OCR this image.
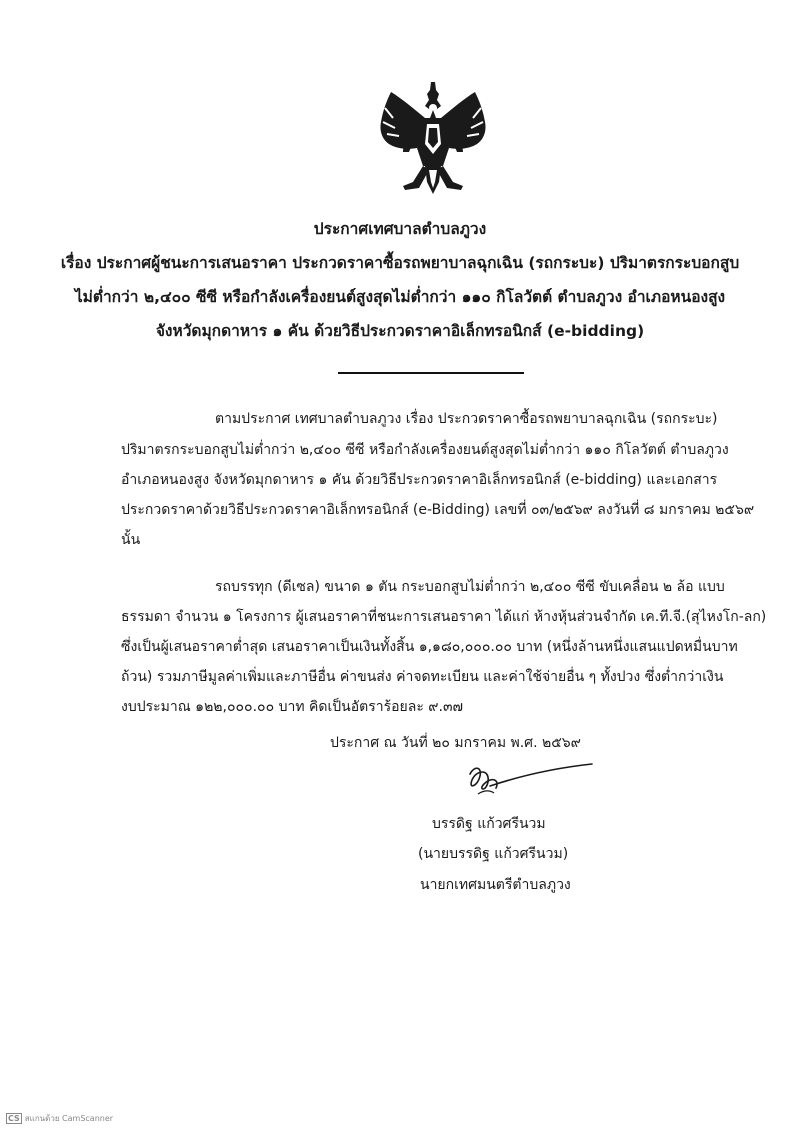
ประกาศเทศบาลตำบลภูวง
เรื่อง ประกาศผู้ชนะการเสนอราคา ประกวดราคาซื้อรถพยาบาลฉุกเฉิน (รถกระบะ) ปริมาตรกระบอกสูบ
ไม่ต่ำกว่า ๒,๔๐๐ ซีซี หรือกำลังเครื่องยนต์สูงสุดไม่ต่ำกว่า ๑๑๐ กิโลวัตต์ ตำบลภูวง อำเภอหนองสูง
จังหวัดมุกดาหาร ๑ คัน ด้วยวิธีประกวดราคาอิเล็กทรอนิกส์ (e-bidding)
ตามประกาศ เทศบาลตำบลภูวง เรื่อง ประกวดราคาซื้อรถพยาบาลฉุกเฉิน (รถกระบะ)
ปริมาตรกระบอกสูบไม่ต่ำกว่า ๒,๔๐๐ ซีซี หรือกำลังเครื่องยนต์สูงสุดไม่ต่ำกว่า ๑๑๐ กิโลวัตต์ ตำบลภูวง
อำเภอหนองสูง จังหวัดมุกดาหาร ๑ คัน ด้วยวิธีประกวดราคาอิเล็กทรอนิกส์ (e-bidding) และเอกสาร
ประกวดราคาด้วยวิธีประกวดราคาอิเล็กทรอนิกส์ (e-Bidding) เลขที่ ๐๓/๒๕๖๙ ลงวันที่ ๘ มกราคม ๒๕๖๙
นั้น
รถบรรทุก (ดีเซล) ขนาด ๑ ตัน กระบอกสูบไม่ต่ำกว่า ๒,๔๐๐ ซีซี ขับเคลื่อน ๒ ล้อ แบบ
ธรรมดา จำนวน ๑ โครงการ ผู้เสนอราคาที่ชนะการเสนอราคา ได้แก่ ห้างหุ้นส่วนจำกัด เค.ที.จี.(สุไหงโก-ลก)
ซึ่งเป็นผู้เสนอราคาต่ำสุด เสนอราคาเป็นเงินทั้งสิ้น ๑,๑๘๐,๐๐๐.๐๐ บาท (หนึ่งล้านหนึ่งแสนแปดหมื่นบาท
ถ้วน) รวมภาษีมูลค่าเพิ่มและภาษีอื่น ค่าขนส่ง ค่าจดทะเบียน และค่าใช้จ่ายอื่น ๆ ทั้งปวง ซึ่งต่ำกว่าเงิน
งบประมาณ ๑๒๒,๐๐๐.๐๐ บาท คิดเป็นอัตราร้อยละ ๙.๓๗
ประกาศ ณ วันที่ ๒๐ มกราคม พ.ศ. ๒๕๖๙
บรรดิฐ แก้วศรีนวม
(นายบรรดิฐ แก้วศรีนวม)
นายกเทศมนตรีตำบลภูวง
CS สแกนด้วย CamScanner
